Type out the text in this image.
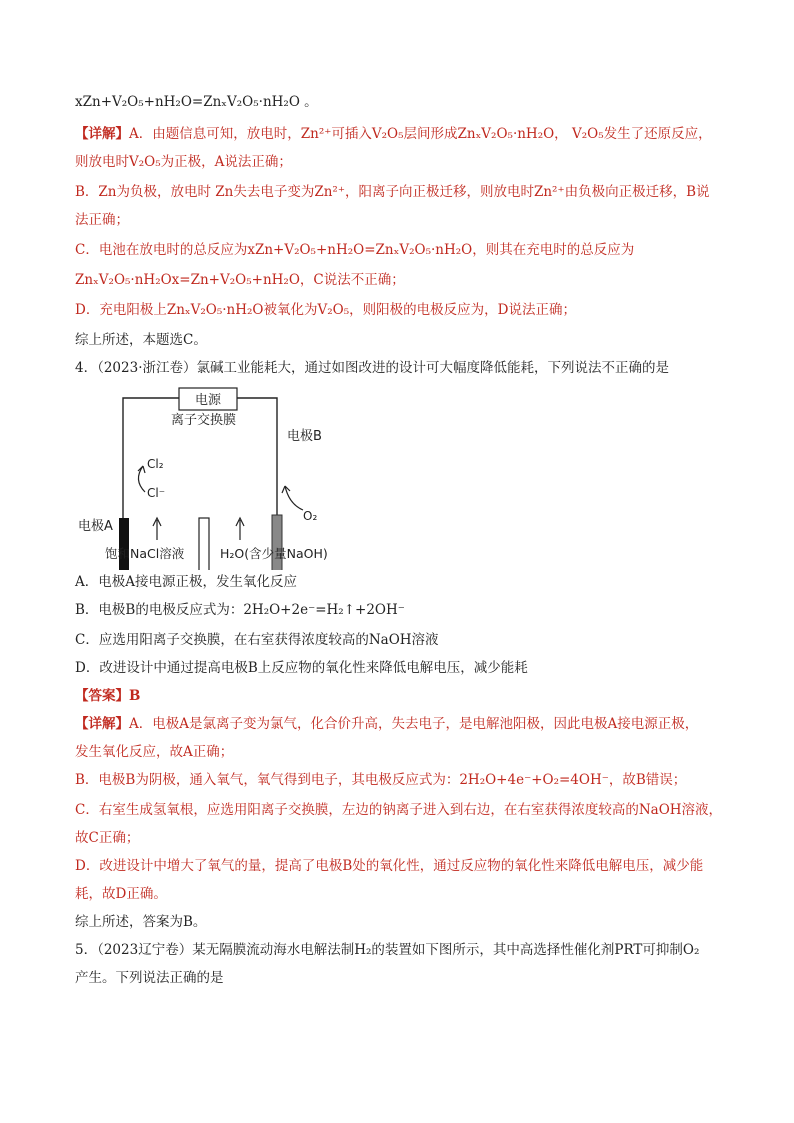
xZn+V₂O₅+nH₂O=ZnₓV₂O₅·nH₂O 。
【详解】A．由题信息可知，放电时，Zn²⁺可插入V₂O₅层间形成ZnₓV₂O₅·nH₂O， V₂O₅发生了还原反应，
则放电时V₂O₅为正极，A说法正确；
B．Zn为负极，放电时 Zn失去电子变为Zn²⁺，阳离子向正极迁移，则放电时Zn²⁺由负极向正极迁移，B说
法正确；
C．电池在放电时的总反应为xZn+V₂O₅+nH₂O=ZnₓV₂O₅·nH₂O，则其在充电时的总反应为
ZnₓV₂O₅·nH₂Ox=Zn+V₂O₅+nH₂O，C说法不正确；
D．充电阳极上ZnₓV₂O₅·nH₂O被氧化为V₂O₅，则阳极的电极反应为，D说法正确；
综上所述，本题选C。
4．（2023·浙江卷）氯碱工业能耗大，通过如图改进的设计可大幅度降低能耗，下列说法不正确的是
电源
电极A
离子交换膜
电极B
Cl₂
Cl⁻
O₂
饱和NaCl溶液	H₂O(含少量NaOH)
A．电极A接电源正极，发生氧化反应
B．电极B的电极反应式为：2H₂O+2e⁻=H₂↑+2OH⁻
C．应选用阳离子交换膜，在右室获得浓度较高的NaOH溶液
D．改进设计中通过提高电极B上反应物的氧化性来降低电解电压，减少能耗
【答案】B
【详解】A．电极A是氯离子变为氯气，化合价升高，失去电子，是电解池阳极，因此电极A接电源正极，
发生氧化反应，故A正确；
B．电极B为阴极，通入氧气，氧气得到电子，其电极反应式为：2H₂O+4e⁻+O₂=4OH⁻，故B错误；
C．右室生成氢氧根，应选用阳离子交换膜，左边的钠离子进入到右边，在右室获得浓度较高的NaOH溶液，
故C正确；
D．改进设计中增大了氧气的量，提高了电极B处的氧化性，通过反应物的氧化性来降低电解电压，减少能
耗，故D正确。
综上所述，答案为B。
5．（2023辽宁卷）某无隔膜流动海水电解法制H₂的装置如下图所示，其中高选择性催化剂PRT可抑制O₂
产生。下列说法正确的是
